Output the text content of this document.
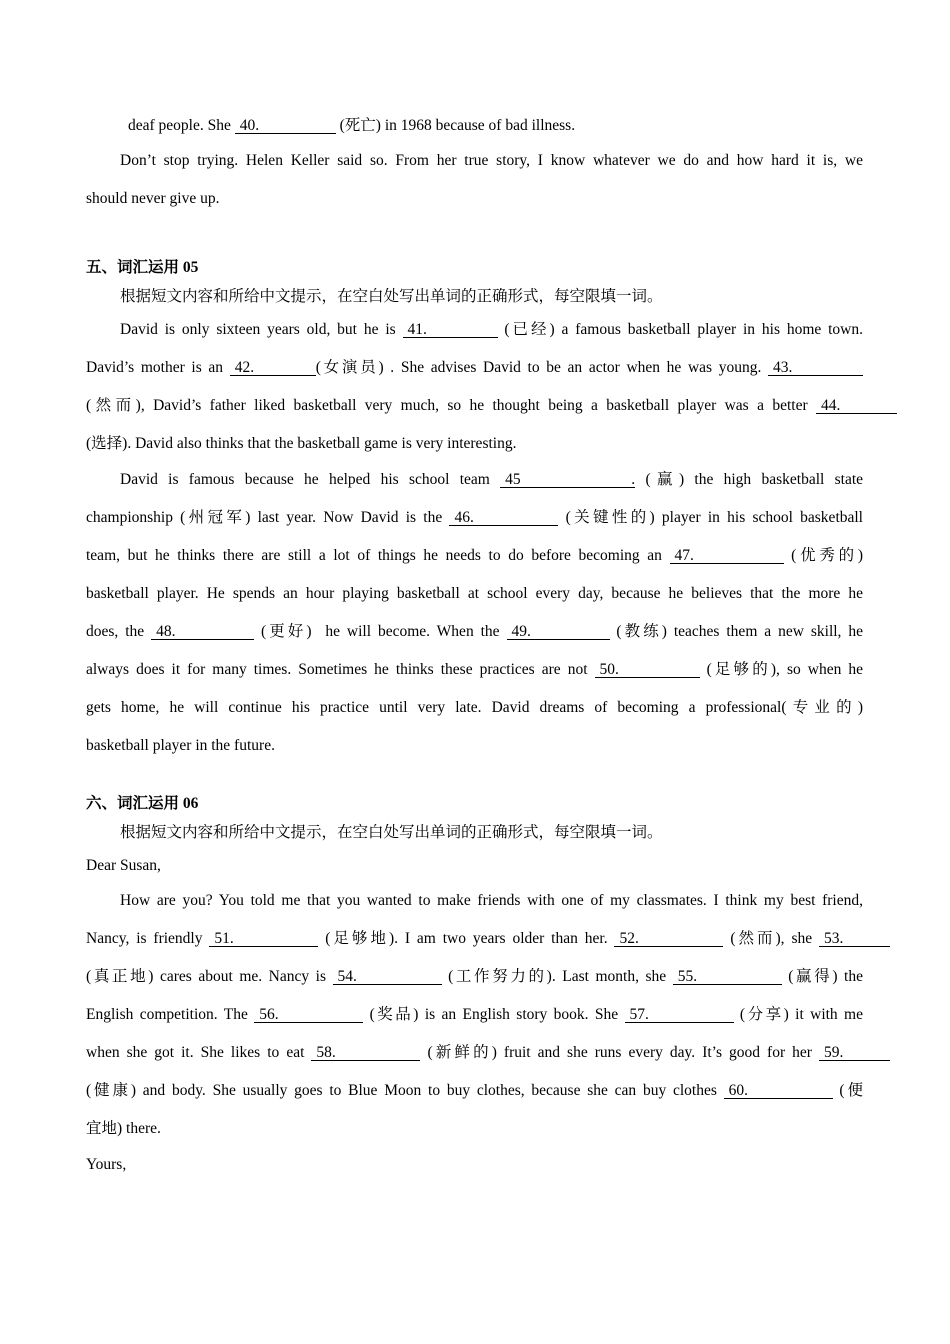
deaf people. She 40.	(死亡) in 1968 because of bad illness.
Don’t stop trying. Helen Keller said so. From her true story, I know whatever we do and how hard it is, we
should never give up.
五、词汇运用 05
根据短文内容和所给中文提示，在空白处写出单词的正确形式，每空限填一词。
David is only sixteen years old, but he is 41.	(已经) a famous basketball player in his home town.
David’s mother is an 42.	(女演员) . She advises David to be an actor when he was young. 43.
(然而), David’s father liked basketball very much, so he thought being a basketball player was a better 44.
(选择). David also thinks that the basketball game is very interesting.
David is famous because he helped his school team 45 . (赢) the high basketball state
championship (州冠军) last year. Now David is the 46.	(关键性的) player in his school basketball
team, but he thinks there are still a lot of things he needs to do before becoming an 47.	(优秀的)
basketball player. He spends an hour playing basketball at school every day, because he believes that the more he
does, the 48.	(更好)  he will become. When the 49.	(教练) teaches them a new skill, he
always does it for many times. Sometimes he thinks these practices are not 50.	(足够的), so when he
gets home, he will continue his practice until very late. David dreams of becoming a professional(专业的)
basketball player in the future.
六、词汇运用 06
根据短文内容和所给中文提示，在空白处写出单词的正确形式，每空限填一词。
Dear Susan,
How are you? You told me that you wanted to make friends with one of my classmates. I think my best friend,
Nancy, is friendly 51.	(足够地). I am two years older than her. 52.	(然而), she 53.
(真正地) cares about me. Nancy is 54.	(工作努力的). Last month, she 55.	(赢得) the
English competition. The 56.	(奖品) is an English story book. She 57.	(分享) it with me
when she got it. She likes to eat 58.	(新鲜的) fruit and she runs every day. It’s good for her 59.
(健康) and body. She usually goes to Blue Moon to buy clothes, because she can buy clothes 60.	(便
宜地) there.
Yours,
